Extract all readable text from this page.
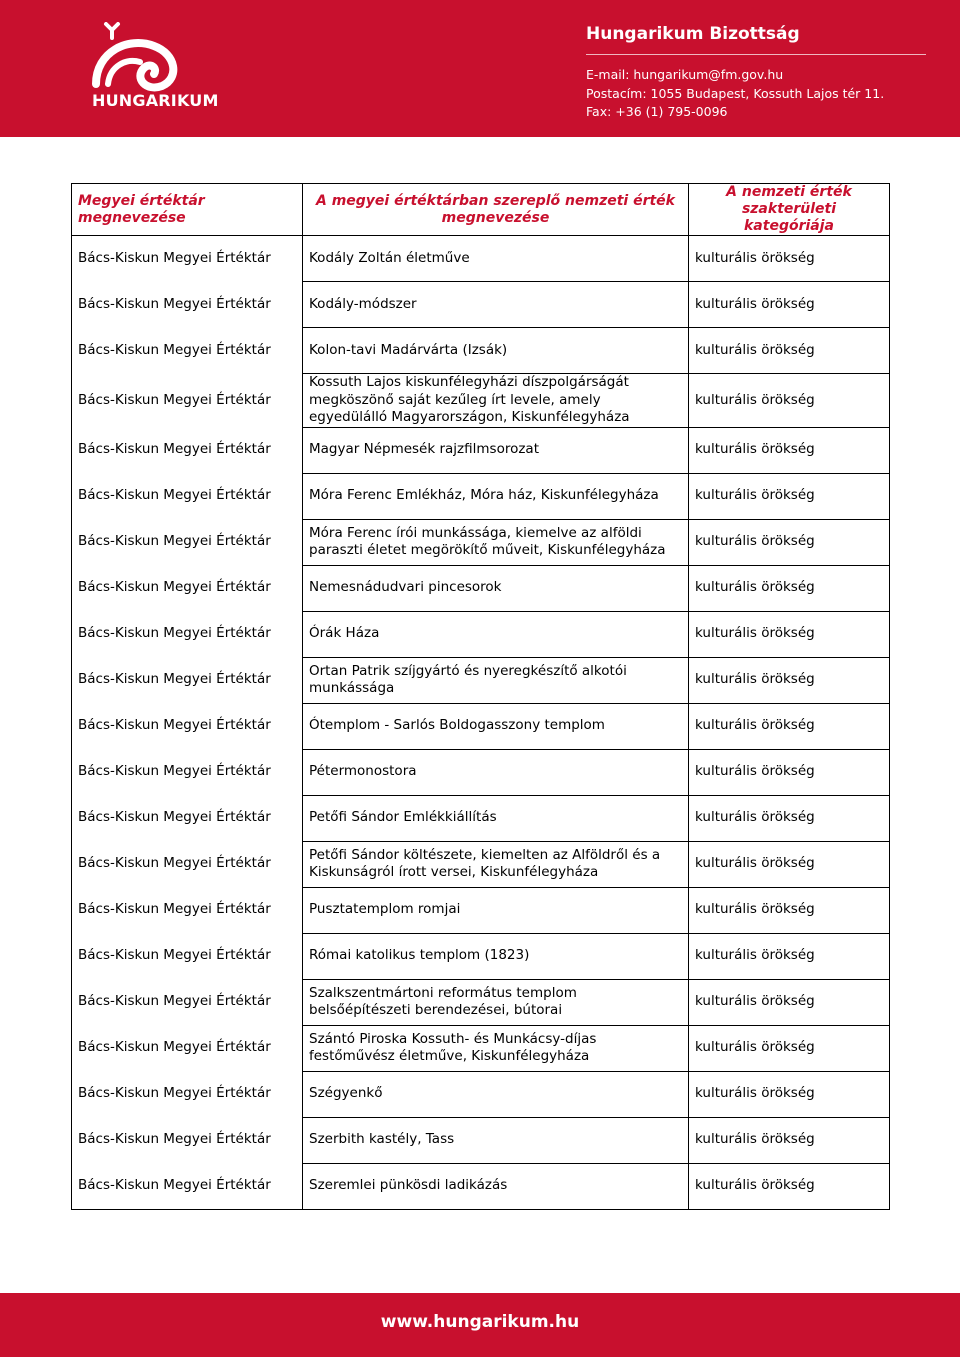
HUNGARIKUM
Hungarikum Bizottság
E-mail: hungarikum@fm.gov.hu
Postacím: 1055 Budapest, Kossuth Lajos tér 11.
Fax: +36 (1) 795-0096
Megyei értéktár megnevezése	A megyei értéktárban szereplő nemzeti érték megnevezése	A nemzeti érték szakterületi kategóriája
Bács-Kiskun Megyei Értéktár	Kodály Zoltán életműve	kulturális örökség
Bács-Kiskun Megyei Értéktár	Kodály-módszer	kulturális örökség
Bács-Kiskun Megyei Értéktár	Kolon-tavi Madárvárta (Izsák)	kulturális örökség
Bács-Kiskun Megyei Értéktár	Kossuth Lajos kiskunfélegyházi díszpolgárságát megköszönő saját kezűleg írt levele, amely egyedülálló Magyarországon, Kiskunfélegyháza	kulturális örökség
Bács-Kiskun Megyei Értéktár	Magyar Népmesék rajzfilmsorozat	kulturális örökség
Bács-Kiskun Megyei Értéktár	Móra Ferenc Emlékház, Móra ház, Kiskunfélegyháza	kulturális örökség
Bács-Kiskun Megyei Értéktár	Móra Ferenc írói munkássága, kiemelve az alföldi paraszti életet megörökítő műveit, Kiskunfélegyháza	kulturális örökség
Bács-Kiskun Megyei Értéktár	Nemesnádudvari pincesorok	kulturális örökség
Bács-Kiskun Megyei Értéktár	Órák Háza	kulturális örökség
Bács-Kiskun Megyei Értéktár	Ortan Patrik szíjgyártó és nyeregkészítő alkotói munkássága	kulturális örökség
Bács-Kiskun Megyei Értéktár	Ótemplom - Sarlós Boldogasszony templom	kulturális örökség
Bács-Kiskun Megyei Értéktár	Pétermonostora	kulturális örökség
Bács-Kiskun Megyei Értéktár	Petőfi Sándor Emlékkiállítás	kulturális örökség
Bács-Kiskun Megyei Értéktár	Petőfi Sándor költészete, kiemelten az Alföldről és a Kiskunságról írott versei, Kiskunfélegyháza	kulturális örökség
Bács-Kiskun Megyei Értéktár	Pusztatemplom romjai	kulturális örökség
Bács-Kiskun Megyei Értéktár	Római katolikus templom (1823)	kulturális örökség
Bács-Kiskun Megyei Értéktár	Szalkszentmártoni református templom belsőépítészeti berendezései, bútorai	kulturális örökség
Bács-Kiskun Megyei Értéktár	Szántó Piroska Kossuth- és Munkácsy-díjas festőművész életműve, Kiskunfélegyháza	kulturális örökség
Bács-Kiskun Megyei Értéktár	Szégyenkő	kulturális örökség
Bács-Kiskun Megyei Értéktár	Szerbith kastély, Tass	kulturális örökség
Bács-Kiskun Megyei Értéktár	Szeremlei pünkösdi ladikázás	kulturális örökség
www.hungarikum.hu
